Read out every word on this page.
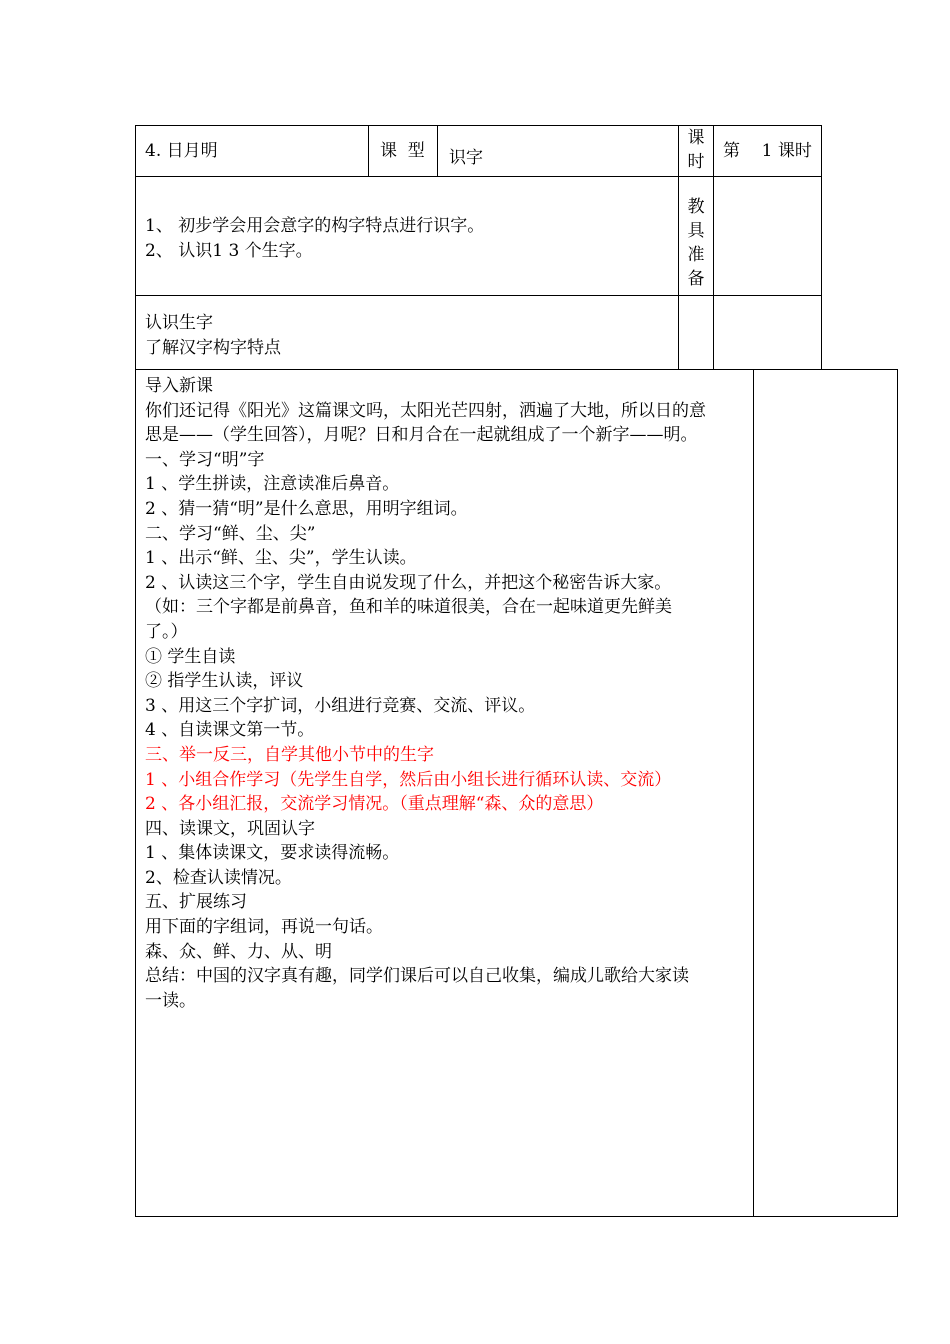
4. 日月明	课  型 识字
课时
第    1 课时
1、 初步学会用会意字的构字特点进行识字。
2、 认识1 3 个生字。
教具准备
认识生字
了解汉字构字特点
导入新课
你们还记得《阳光》这篇课文吗，太阳光芒四射，洒遍了大地，所以日的意
思是——（学生回答），月呢？日和月合在一起就组成了一个新字——明。
一、学习“明”字
1 、学生拼读，注意读准后鼻音。
2 、猜一猜“明”是什么意思，用明字组词。
二、学习“鲜、尘、尖”
1 、出示“鲜、尘、尖”，学生认读。
2 、认读这三个字，学生自由说发现了什么，并把这个秘密告诉大家。
（如：三个字都是前鼻音，鱼和羊的味道很美，合在一起味道更先鲜美
了。）
① 学生自读
② 指学生认读，评议
3 、用这三个字扩词，小组进行竞赛、交流、评议。
4 、自读课文第一节。
三、举一反三，自学其他小节中的生字
1 、小组合作学习（先学生自学，然后由小组长进行循环认读、交流）
2 、各小组汇报，交流学习情况。（重点理解“森、众的意思）
四、读课文，巩固认字
1 、集体读课文，要求读得流畅。
2、检查认读情况。
五、扩展练习
用下面的字组词，再说一句话。
森、众、鲜、力、从、明
总结：中国的汉字真有趣，同学们课后可以自己收集，编成儿歌给大家读
一读。
